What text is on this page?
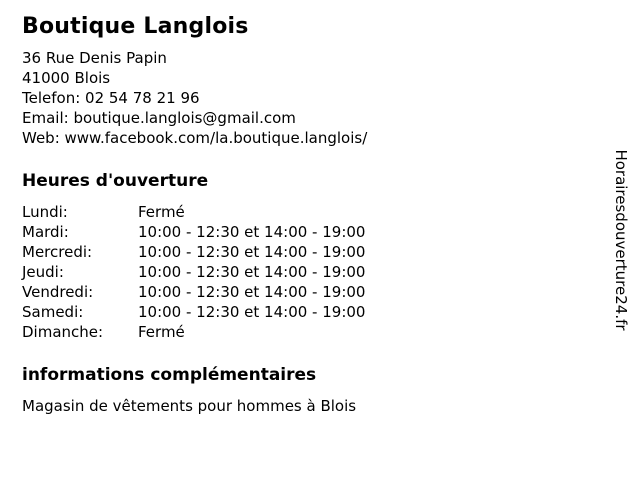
Boutique Langlois
36 Rue Denis Papin
41000 Blois
Telefon: 02 54 78 21 96
Email: boutique.langlois@gmail.com
Web: www.facebook.com/la.boutique.langlois/
Heures d'ouverture
Lundi:	Fermé
Mardi:	10:00 - 12:30 et 14:00 - 19:00
Mercredi:	10:00 - 12:30 et 14:00 - 19:00
Jeudi:	10:00 - 12:30 et 14:00 - 19:00
Vendredi:	10:00 - 12:30 et 14:00 - 19:00
Samedi:	10:00 - 12:30 et 14:00 - 19:00
Dimanche:	Fermé
informations complémentaires
Magasin de vêtements pour hommes à Blois
Horairesdouverture24.fr
